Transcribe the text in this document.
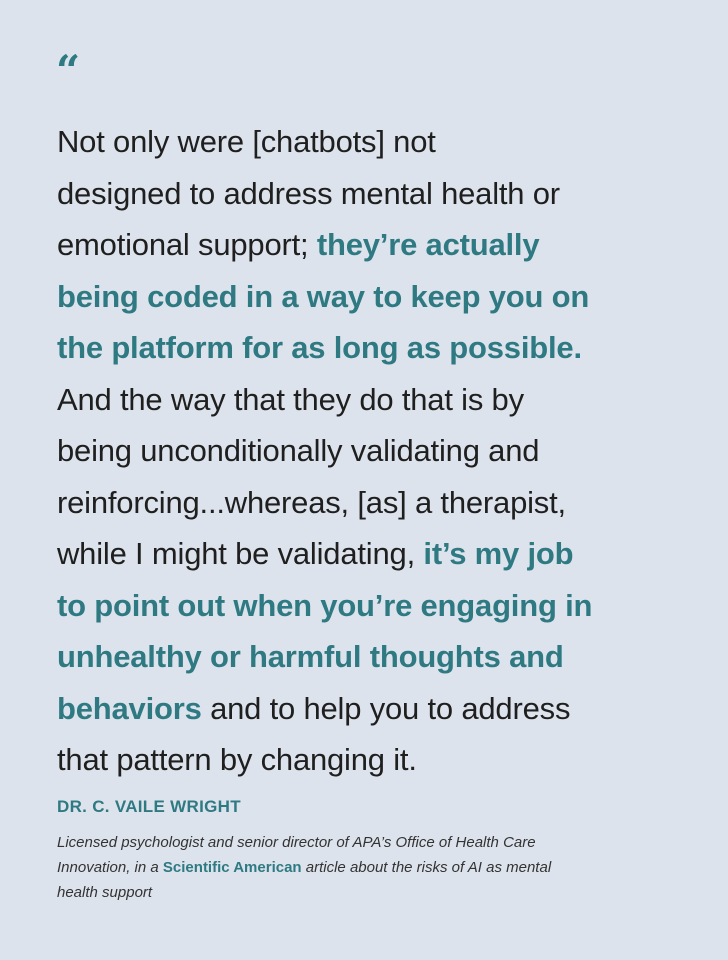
“
Not only were [chatbots] not
designed to address mental health or
emotional support; they’re actually
being coded in a way to keep you on
the platform for as long as possible.
And the way that they do that is by
being unconditionally validating and
reinforcing...whereas, [as] a therapist,
while I might be validating, it’s my job
to point out when you’re engaging in
unhealthy or harmful thoughts and
behaviors and to help you to address
that pattern by changing it.
DR. C. VAILE WRIGHT
Licensed psychologist and senior director of APA’s Office of Health Care
Innovation, in a Scientific American article about the risks of AI as mental
health support
